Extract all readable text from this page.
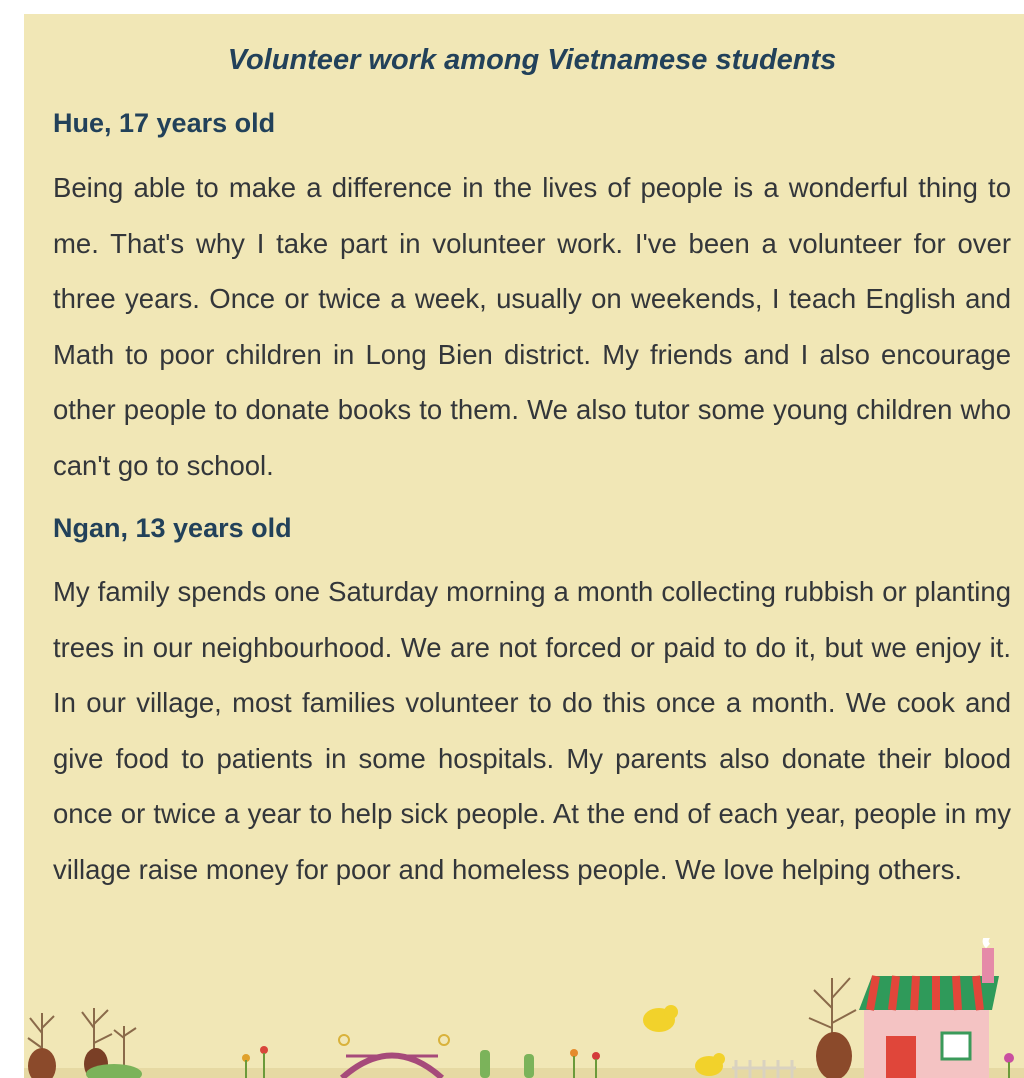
Volunteer work among Vietnamese students
Hue, 17 years old

Being able to make a difference in the lives of people is a wonderful thing to me. That's why I take part in volunteer work. I've been a volunteer for over three years. Once or twice a week, usually on weekends, I teach English and Math to poor children in Long Bien district. My friends and I also encourage other people to donate books to them. We also tutor some young children who can't go to school.

Ngan, 13 years old

My family spends one Saturday morning a month collecting rubbish or planting trees in our neighbourhood. We are not forced or paid to do it, but we enjoy it. In our village, most families volunteer to do this once a month. We cook and give food to patients in some hospitals. My parents also donate their blood once or twice a year to help sick people. At the end of each year, people in my village raise money for poor and homeless people. We love helping others.
